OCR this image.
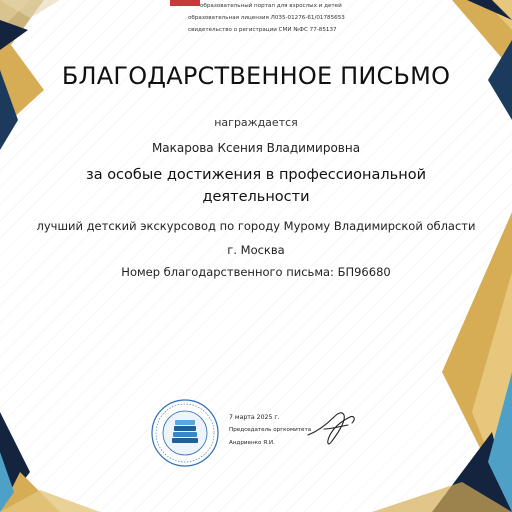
образовательный портал для взрослых и детей
образовательная лицензия Л035-01276-61/01785653
свидетельство о регистрации СМИ №ФС 77-85137
БЛАГОДАРСТВЕННОЕ ПИСЬМО
награждается
Макарова Ксения Владимировна
за особые достижения в профессиональной
деятельности
лучший детский экскурсовод по городу Мурому Владимирской области
г. Москва
Номер благодарственного письма: БП96680
7 марта 2025 г.
Председатель оргкомитета
Андриенко Я.И.
